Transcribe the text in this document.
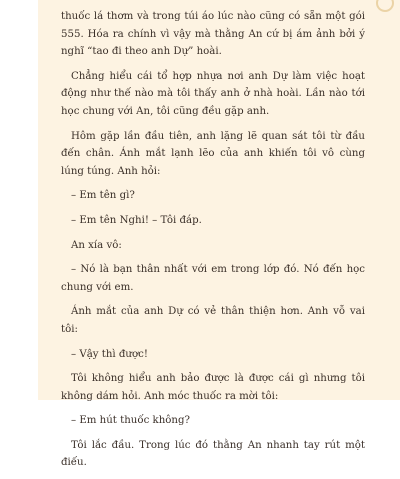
thuốc lá thơm và trong túi áo lúc nào cũng có sẵn một gói 555. Hóa ra chính vì vậy mà thằng An cứ bị ám ảnh bởi ý nghĩ “tao đi theo anh Dự” hoài.

Chẳng hiểu cái tổ hợp nhựa nơi anh Dự làm việc hoạt động như thế nào mà tôi thấy anh ở nhà hoài. Lần nào tới học chung với An, tôi cũng đều gặp anh.

Hôm gặp lần đầu tiên, anh lặng lẽ quan sát tôi từ đầu đến chân. Ánh mắt lạnh lẽo của anh khiến tôi vô cùng lúng túng. Anh hỏi:

– Em tên gì?

– Em tên Nghi! – Tôi đáp.

An xía vô:

– Nó là bạn thân nhất với em trong lớp đó. Nó đến học chung với em.

Ánh mắt của anh Dự có vẻ thân thiện hơn. Anh vỗ vai tôi:

– Vậy thì được!

Tôi không hiểu anh bảo được là được cái gì nhưng tôi không dám hỏi. Anh móc thuốc ra mời tôi:

– Em hút thuốc không?

Tôi lắc đầu. Trong lúc đó thằng An nhanh tay rút một điếu.
